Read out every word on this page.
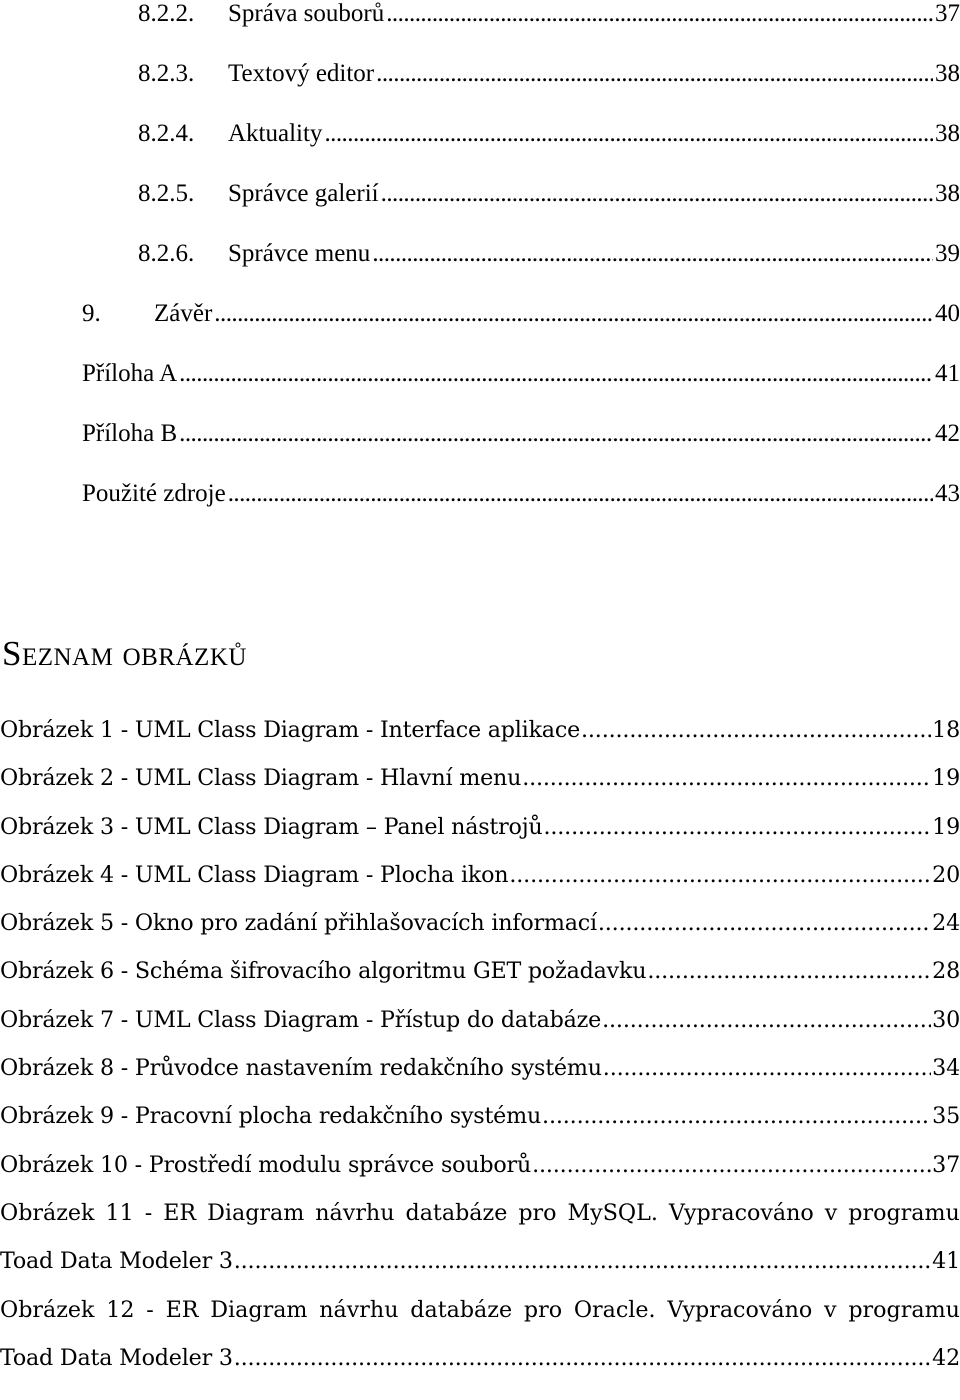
8.2.2.	Správa souborů . . .	37
8.2.3.	Textový editor . . .	38
8.2.4.	Aktuality . . .	38
8.2.5.	Správce galerií . . .	38
8.2.6.	Správce menu . . .	39
9.	Závěr . . .	40
Příloha A . . .	41
Příloha B . . .	42
Použité zdroje . . .	43
Seznam obrázků
Obrázek 1 - UML Class Diagram - Interface aplikace . . .	18
Obrázek 2 - UML Class Diagram - Hlavní menu . . .	19
Obrázek 3 - UML Class Diagram – Panel nástrojů . . .	19
Obrázek 4 - UML Class Diagram - Plocha ikon . . .	20
Obrázek 5 - Okno pro zadání přihlašovacích informací . . .	24
Obrázek 6 - Schéma šifrovacího algoritmu GET požadavku . . .	28
Obrázek 7 - UML Class Diagram - Přístup do databáze . . .	30
Obrázek 8 - Průvodce nastavením redakčního systému . . .	34
Obrázek 9 - Pracovní plocha redakčního systému . . .	35
Obrázek 10 - Prostředí modulu správce souborů . . .	37
Obrázek 11 - ER Diagram návrhu databáze pro MySQL. Vypracováno v programu
Toad Data Modeler 3 . . .	41
Obrázek 12 - ER Diagram návrhu databáze pro Oracle. Vypracováno v programu
Toad Data Modeler 3 . . .	42
